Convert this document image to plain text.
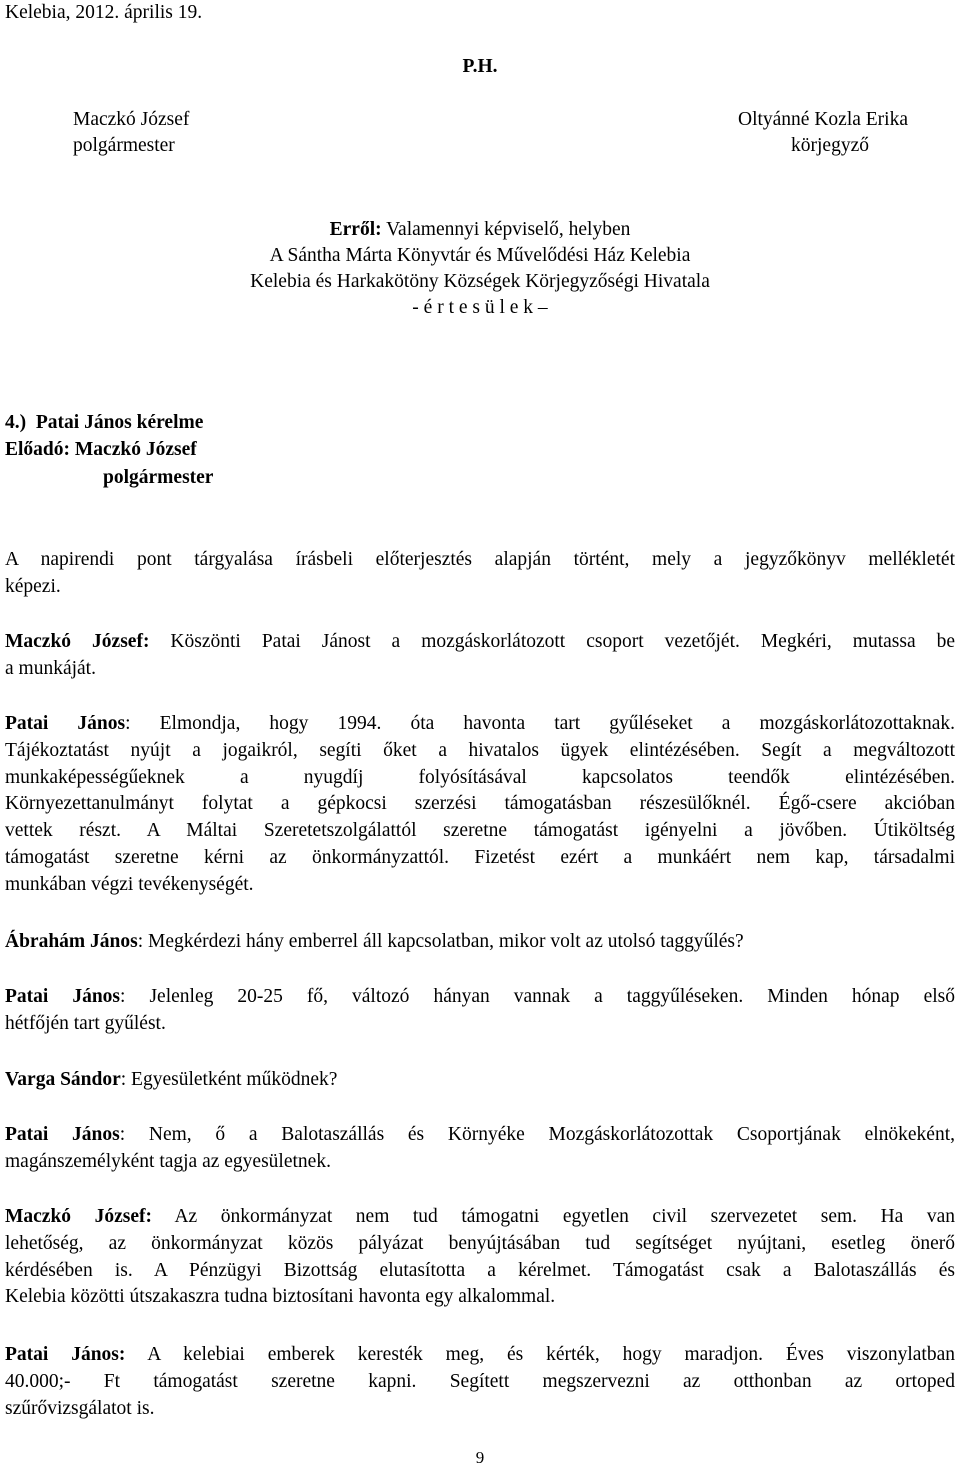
Kelebia, 2012. április 19.
P.H.
Maczkó József
polgármester
Oltyánné Kozla Erika
körjegyző
Erről: Valamennyi képviselő, helyben
A Sántha Márta Könyvtár és Művelődési Ház Kelebia
Kelebia és Harkakötöny Községek Körjegyzőségi Hivatala
- é r t e s ü l e k –
4.) Patai János kérelme
Előadó: Maczkó József
polgármester
A napirendi pont tárgyalása írásbeli előterjesztés alapján történt, mely a jegyzőkönyv mellékletét
képezi.
Maczkó József: Köszönti Patai Jánost a mozgáskorlátozott csoport vezetőjét. Megkéri, mutassa be
a munkáját.
Patai János: Elmondja, hogy 1994. óta havonta tart gyűléseket a mozgáskorlátozottaknak.
Tájékoztatást nyújt a jogaikról, segíti őket a hivatalos ügyek elintézésében. Segít a megváltozott
munkaképességűeknek a nyugdíj folyósításával kapcsolatos teendők elintézésében.
Környezettanulmányt folytat a gépkocsi szerzési támogatásban részesülőknél. Égő-csere akcióban
vettek részt. A Máltai Szeretetszolgálattól szeretne támogatást igényelni a jövőben. Útiköltség
támogatást szeretne kérni az önkormányzattól. Fizetést ezért a munkáért nem kap, társadalmi
munkában végzi tevékenységét.
Ábrahám János: Megkérdezi hány emberrel áll kapcsolatban, mikor volt az utolsó taggyűlés?
Patai János: Jelenleg 20-25 fő, változó hányan vannak a taggyűléseken. Minden hónap első
hétfőjén tart gyűlést.
Varga Sándor: Egyesületként működnek?
Patai János: Nem, ő a Balotaszállás és Környéke Mozgáskorlátozottak Csoportjának elnökeként,
magánszemélyként tagja az egyesületnek.
Maczkó József: Az önkormányzat nem tud támogatni egyetlen civil szervezetet sem. Ha van
lehetőség, az önkormányzat közös pályázat benyújtásában tud segítséget nyújtani, esetleg önerő
kérdésében is. A Pénzügyi Bizottság elutasította a kérelmet. Támogatást csak a Balotaszállás és
Kelebia közötti útszakaszra tudna biztosítani havonta egy alkalommal.
Patai János: A kelebiai emberek keresték meg, és kérték, hogy maradjon. Éves viszonylatban
40.000;- Ft támogatást szeretne kapni. Segített megszervezni az otthonban az ortoped
szűrővizsgálatot is.
9
